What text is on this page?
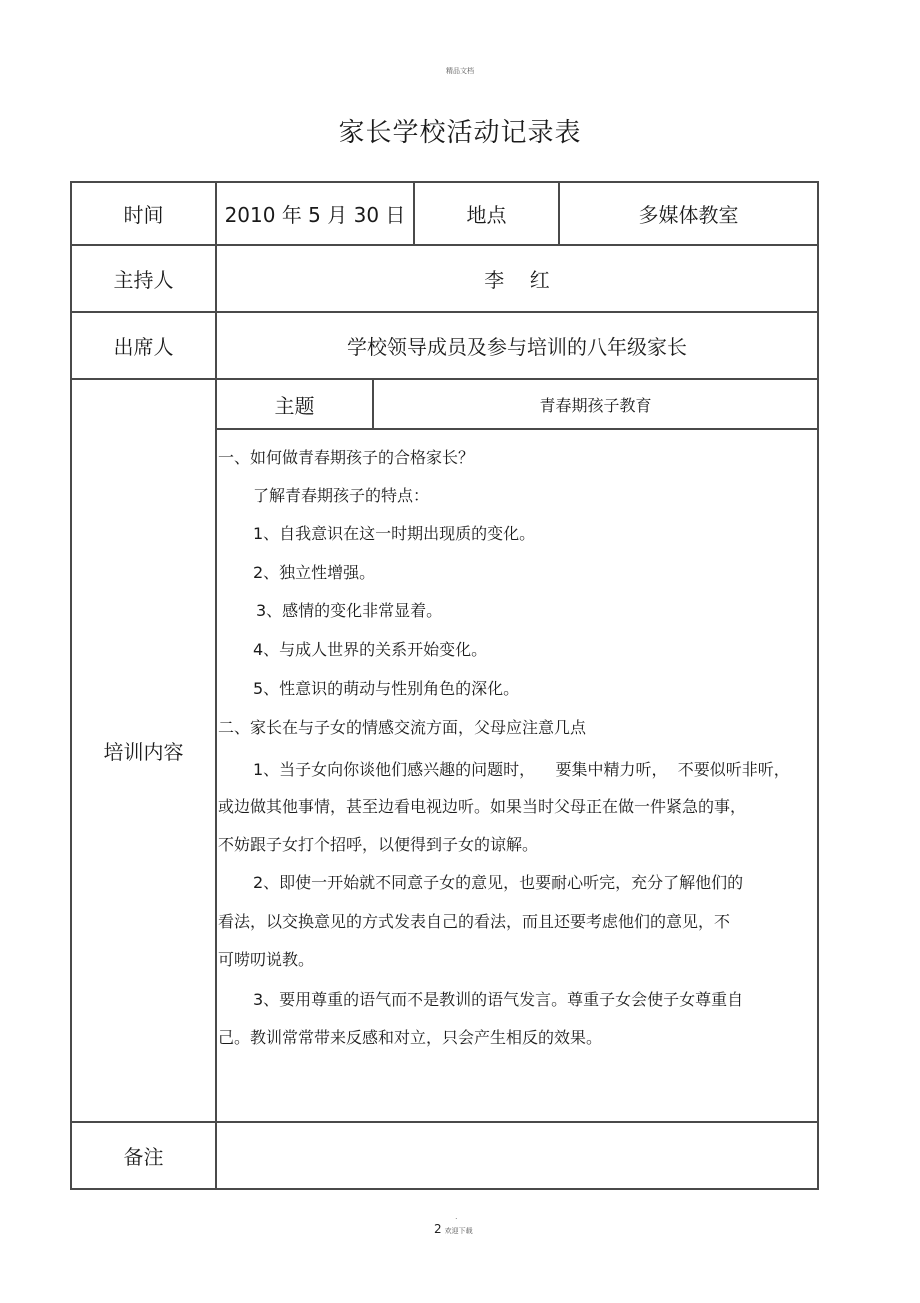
精品文档
家长学校活动记录表
时间	2010 年 5 月 30 日	地点	多媒体教室
主持人	李    红
出席人	学校领导成员及参与培训的八年级家长
培训内容
主题	青春期孩子教育

一、如何做青春期孩子的合格家长？

了解青春期孩子的特点：

1、自我意识在这一时期出现质的变化。

2、独立性增强。

3、感情的变化非常显着。

4、与成人世界的关系开始变化。

5、性意识的萌动与性别角色的深化。

二、家长在与子女的情感交流方面，父母应注意几点

1、当子女向你谈他们感兴趣的问题时，    要集中精力听，  不要似听非听，

或边做其他事情，甚至边看电视边听。如果当时父母正在做一件紧急的事，

不妨跟子女打个招呼，以便得到子女的谅解。

2、即使一开始就不同意子女的意见，也要耐心听完，充分了解他们的

看法，以交换意见的方式发表自己的看法，而且还要考虑他们的意见，不

可唠叨说教。

3、要用尊重的语气而不是教训的语气发言。尊重子女会使子女尊重自

己。教训常常带来反感和对立，只会产生相反的效果。

备注
.
2 欢迎下载
